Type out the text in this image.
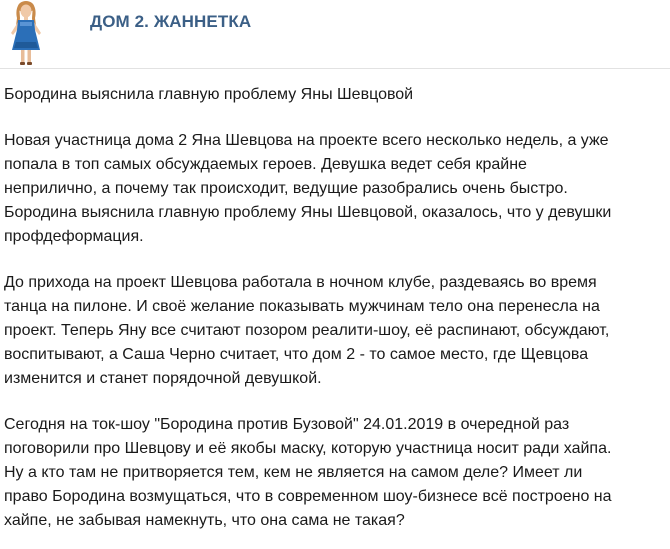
ДОМ 2. ЖАННЕТКА
Бородина выяснила главную проблему Яны Шевцовой

Новая участница дома 2 Яна Шевцова на проекте всего несколько недель, а уже
попала в топ самых обсуждаемых героев. Девушка ведет себя крайне
неприлично, а почему так происходит, ведущие разобрались очень быстро.
Бородина выяснила главную проблему Яны Шевцовой, оказалось, что у девушки
профдеформация.

До прихода на проект Шевцова работала в ночном клубе, раздеваясь во время
танца на пилоне. И своё желание показывать мужчинам тело она перенесла на
проект. Теперь Яну все считают позором реалити-шоу, её распинают, обсуждают,
воспитывают, а Саша Черно считает, что дом 2 - то самое место, где Щевцова
изменится и станет порядочной девушкой.

Сегодня на ток-шоу "Бородина против Бузовой" 24.01.2019 в очередной раз
поговорили про Шевцову и её якобы маску, которую участница носит ради хайпа.
Ну а кто там не притворяется тем, кем не является на самом деле? Имеет ли
право Бородина возмущаться, что в современном шоу-бизнесе всё построено на
хайпе, не забывая намекнуть, что она сама не такая?
